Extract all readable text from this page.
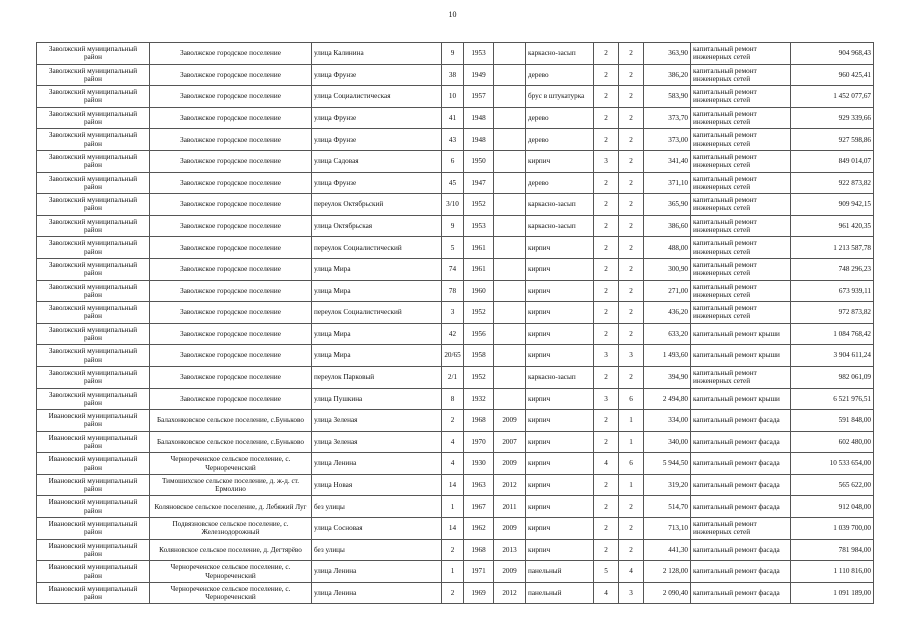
10
Заволжский муниципальный район	Заволжское городское поселение	улица Калинина	9	1953		каркасно-засып	2	2	363,90	капитальный ремонт инженерных сетей	904 968,43
Заволжский муниципальный район	Заволжское городское поселение	улица Фрунзе	38	1949		дерево	2	2	386,20	капитальный ремонт инженерных сетей	960 425,41
Заволжский муниципальный район	Заволжское городское поселение	улица Социалистическая	10	1957		брус в штукатурка	2	2	583,90	капитальный ремонт инженерных сетей	1 452 077,67
Заволжский муниципальный район	Заволжское городское поселение	улица Фрунзе	41	1948		дерево	2	2	373,70	капитальный ремонт инженерных сетей	929 339,66
Заволжский муниципальный район	Заволжское городское поселение	улица Фрунзе	43	1948		дерево	2	2	373,00	капитальный ремонт инженерных сетей	927 598,86
Заволжский муниципальный район	Заволжское городское поселение	улица Садовая	6	1950		кирпич	3	2	341,40	капитальный ремонт инженерных сетей	849 014,07
Заволжский муниципальный район	Заволжское городское поселение	улица Фрунзе	45	1947		дерево	2	2	371,10	капитальный ремонт инженерных сетей	922 873,82
Заволжский муниципальный район	Заволжское городское поселение	переулок Октябрьский	3/10	1952		каркасно-засып	2	2	365,90	капитальный ремонт инженерных сетей	909 942,15
Заволжский муниципальный район	Заволжское городское поселение	улица Октябрьская	9	1953		каркасно-засып	2	2	386,60	капитальный ремонт инженерных сетей	961 420,35
Заволжский муниципальный район	Заволжское городское поселение	переулок Социалистический	5	1961		кирпич	2	2	488,00	капитальный ремонт инженерных сетей	1 213 587,78
Заволжский муниципальный район	Заволжское городское поселение	улица Мира	74	1961		кирпич	2	2	300,90	капитальный ремонт инженерных сетей	748 296,23
Заволжский муниципальный район	Заволжское городское поселение	улица Мира	78	1960		кирпич	2	2	271,00	капитальный ремонт инженерных сетей	673 939,11
Заволжский муниципальный район	Заволжское городское поселение	переулок Социалистический	3	1952		кирпич	2	2	436,20	капитальный ремонт инженерных сетей	972 873,82
Заволжский муниципальный район	Заволжское городское поселение	улица Мира	42	1956		кирпич	2	2	633,20	капитальный ремонт крыши	1 084 768,42
Заволжский муниципальный район	Заволжское городское поселение	улица Мира	20/65	1958		кирпич	3	3	1 493,60	капитальный ремонт крыши	3 904 611,24
Заволжский муниципальный район	Заволжское городское поселение	переулок Парковый	2/1	1952		каркасно-засып	2	2	394,90	капитальный ремонт инженерных сетей	982 061,09
Заволжский муниципальный район	Заволжское городское поселение	улица Пушкина	8	1932		кирпич	3	6	2 494,80	капитальный ремонт крыши	6 521 976,51
Ивановский муниципальный район	Балахонковское сельское поселение, с.Буньково	улица Зеленая	2	1968	2009	кирпич	2	1	334,00	капитальный ремонт фасада	591 848,00
Ивановский муниципальный район	Балахонковское сельское поселение, с.Буньково	улица Зеленая	4	1970	2007	кирпич	2	1	340,00	капитальный ремонт фасада	602 480,00
Ивановский муниципальный район	Чернореченское сельское поселение, с. Чернореченский	улица Ленина	4	1930	2009	кирпич	4	6	5 944,50	капитальный ремонт фасада	10 533 654,00
Ивановский муниципальный район	Тимошихское сельское поселение, д. ж-д. ст. Ермолино	улица Новая	14	1963	2012	кирпич	2	1	319,20	капитальный ремонт фасада	565 622,00
Ивановский муниципальный район	Коляновское сельское поселение, д. Лебяжий Луг	без улицы	1	1967	2011	кирпич	2	2	514,70	капитальный ремонт фасада	912 048,00
Ивановский муниципальный район	Подвязновское сельское поселение, с. Железнодорожный	улица Сосновая	14	1962	2009	кирпич	2	2	713,10	капитальный ремонт инженерных сетей	1 039 700,00
Ивановский муниципальный район	Коляновское сельское поселение, д. Дегтярёво	без улицы	2	1968	2013	кирпич	2	2	441,30	капитальный ремонт фасада	781 984,00
Ивановский муниципальный район	Чернореченское сельское поселение, с. Чернореченский	улица Ленина	1	1971	2009	панельный	5	4	2 128,00	капитальный ремонт фасада	1 110 816,00
Ивановский муниципальный район	Чернореченское сельское поселение, с. Чернореченский	улица Ленина	2	1969	2012	панельный	4	3	2 090,40	капитальный ремонт фасада	1 091 189,00
